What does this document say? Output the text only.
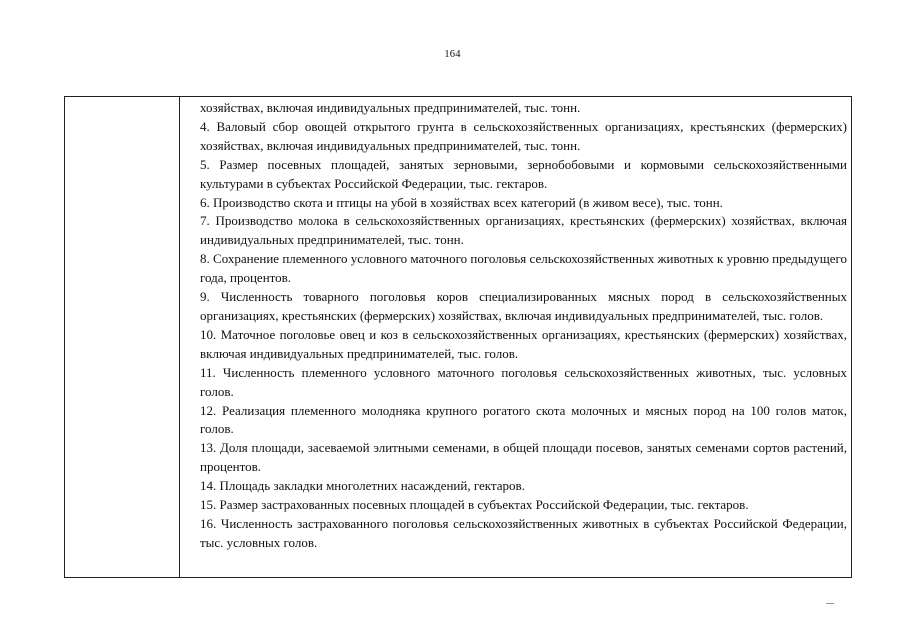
164

хозяйствах, включая индивидуальных предпринимателей, тыс. тонн.

4. Валовый сбор овощей открытого грунта в сельскохозяйственных организациях, крестьянских (фермерских) хозяйствах, включая индивидуальных предпринимателей, тыс. тонн.

5. Размер посевных площадей, занятых зерновыми, зернобобовыми и кормовыми сельскохозяйственными культурами в субъектах Российской Федерации, тыс. гектаров.

6. Производство скота и птицы на убой в хозяйствах всех категорий (в живом весе), тыс. тонн.

7. Производство молока в сельскохозяйственных организациях, крестьянских (фермерских) хозяйствах, включая индивидуальных предпринимателей, тыс. тонн.

8. Сохранение племенного условного маточного поголовья сельскохозяйственных животных к уровню предыдущего года, процентов.

9. Численность товарного поголовья коров специализированных мясных пород в сельскохозяйственных организациях, крестьянских (фермерских) хозяйствах, включая индивидуальных предпринимателей, тыс. голов.

10. Маточное поголовье овец и коз в сельскохозяйственных организациях, крестьянских (фермерских) хозяйствах, включая индивидуальных предпринимателей, тыс. голов.

11. Численность племенного условного маточного поголовья сельскохозяйственных животных, тыс. условных голов.

12. Реализация племенного молодняка крупного рогатого скота молочных и мясных пород на 100 голов маток, голов.

13. Доля площади, засеваемой элитными семенами, в общей площади посевов, занятых семенами сортов растений, процентов.

14. Площадь закладки многолетних насаждений, гектаров.

15. Размер застрахованных посевных площадей в субъектах Российской Федерации, тыс. гектаров.

16. Численность застрахованного поголовья сельскохозяйственных животных в субъектах Российской Федерации, тыс. условных голов.
